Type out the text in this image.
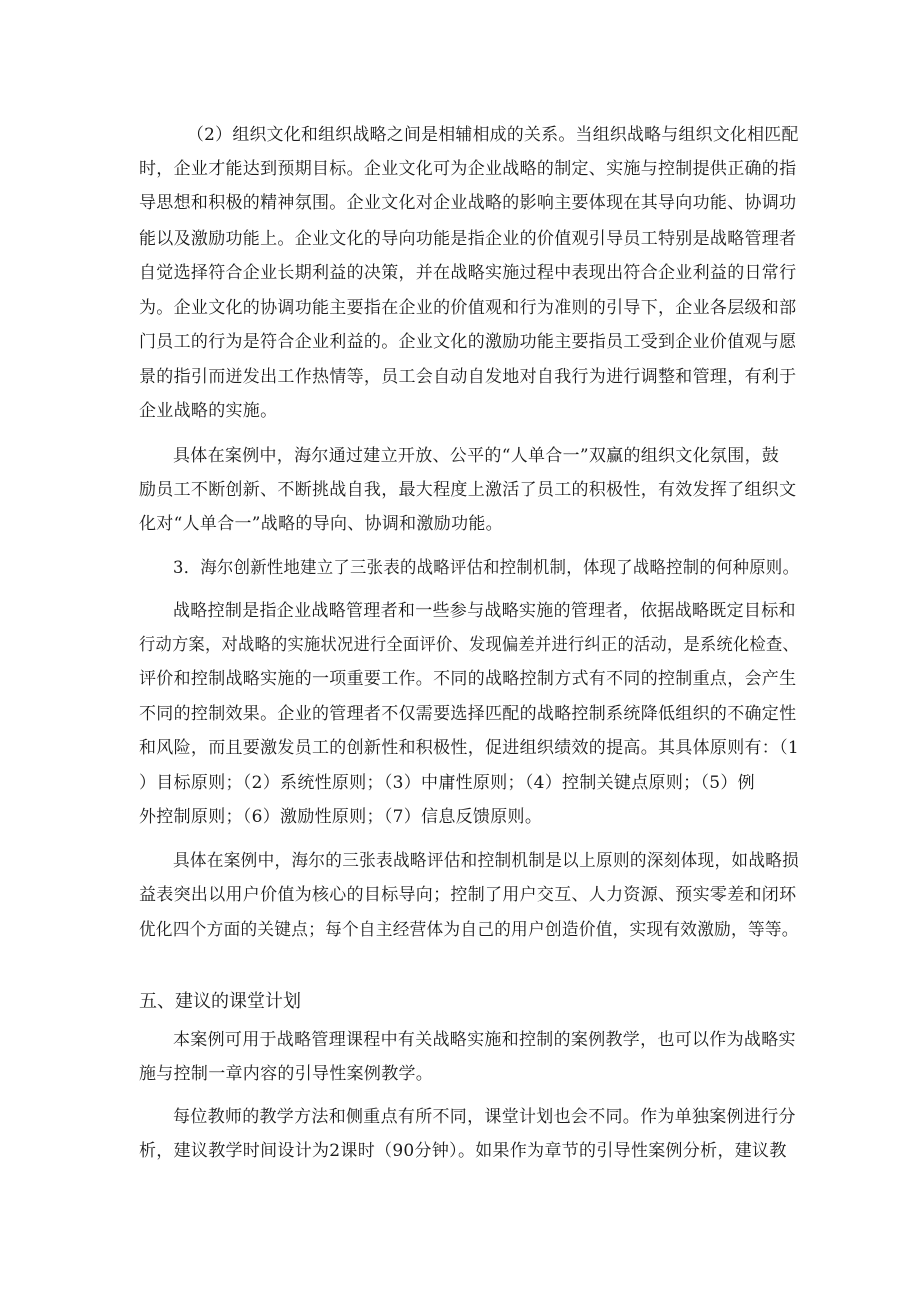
（2）组织文化和组织战略之间是相辅相成的关系。当组织战略与组织文化相匹配
时，企业才能达到预期目标。企业文化可为企业战略的制定、实施与控制提供正确的指
导思想和积极的精神氛围。企业文化对企业战略的影响主要体现在其导向功能、协调功
能以及激励功能上。企业文化的导向功能是指企业的价值观引导员工特别是战略管理者
自觉选择符合企业长期利益的决策，并在战略实施过程中表现出符合企业利益的日常行
为。企业文化的协调功能主要指在企业的价值观和行为准则的引导下，企业各层级和部
门员工的行为是符合企业利益的。企业文化的激励功能主要指员工受到企业价值观与愿
景的指引而迸发出工作热情等，员工会自动自发地对自我行为进行调整和管理，有利于
企业战略的实施。
具体在案例中，海尔通过建立开放、公平的“人单合一”双赢的组织文化氛围，鼓
励员工不断创新、不断挑战自我，最大程度上激活了员工的积极性，有效发挥了组织文
化对“人单合一”战略的导向、协调和激励功能。
3．海尔创新性地建立了三张表的战略评估和控制机制，体现了战略控制的何种原则。
战略控制是指企业战略管理者和一些参与战略实施的管理者，依据战略既定目标和
行动方案，对战略的实施状况进行全面评价、发现偏差并进行纠正的活动，是系统化检查、
评价和控制战略实施的一项重要工作。不同的战略控制方式有不同的控制重点，会产生
不同的控制效果。企业的管理者不仅需要选择匹配的战略控制系统降低组织的不确定性
和风险，而且要激发员工的创新性和积极性，促进组织绩效的提高。其具体原则有：（1
）目标原则；（2）系统性原则；（3）中庸性原则；（4）控制关键点原则；（5）例
外控制原则；（6）激励性原则；（7）信息反馈原则。
具体在案例中，海尔的三张表战略评估和控制机制是以上原则的深刻体现，如战略损
益表突出以用户价值为核心的目标导向；控制了用户交互、人力资源、预实零差和闭环
优化四个方面的关键点；每个自主经营体为自己的用户创造价值，实现有效激励，等等。
五、建议的课堂计划
本案例可用于战略管理课程中有关战略实施和控制的案例教学，也可以作为战略实
施与控制一章内容的引导性案例教学。
每位教师的教学方法和侧重点有所不同，课堂计划也会不同。作为单独案例进行分
析，建议教学时间设计为2课时（90分钟）。如果作为章节的引导性案例分析，建议教
